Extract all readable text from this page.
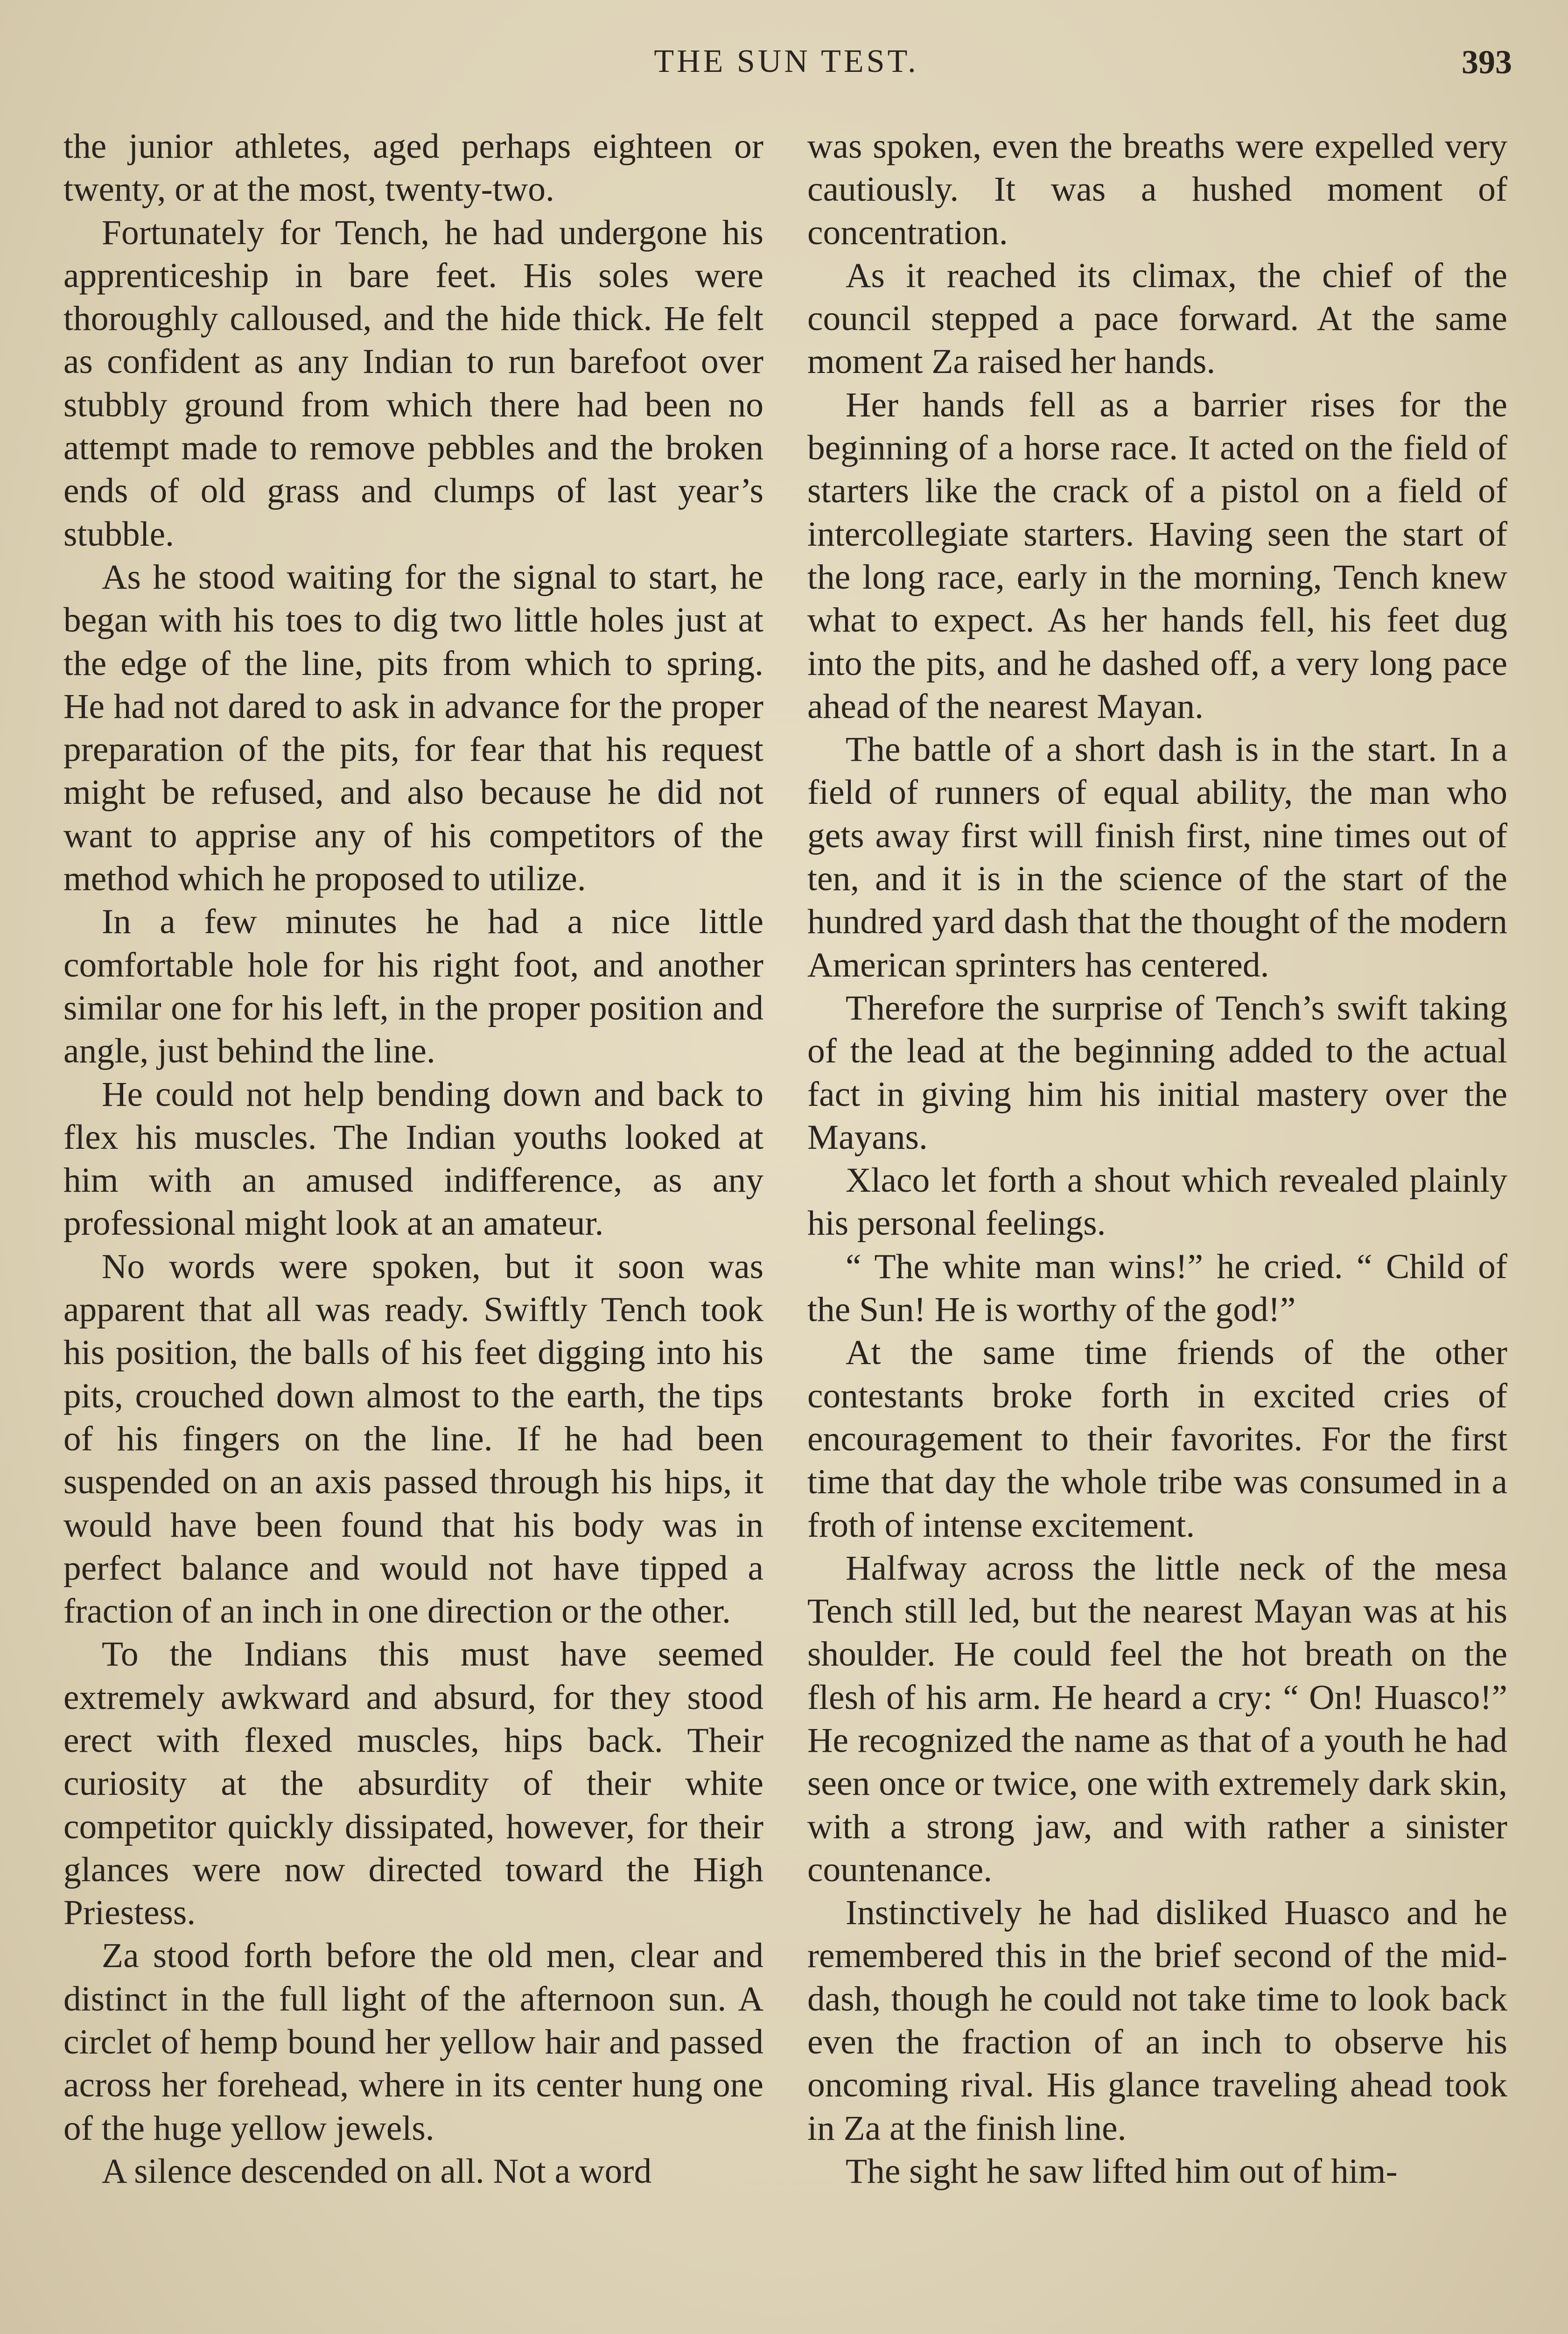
THE SUN TEST.	393

the junior athletes, aged perhaps eighteen or twenty, or at the most, twenty-two.

Fortunately for Tench, he had undergone his apprenticeship in bare feet. His soles were thoroughly calloused, and the hide thick. He felt as confident as any Indian to run barefoot over stubbly ground from which there had been no attempt made to remove pebbles and the broken ends of old grass and clumps of last year’s stubble.

As he stood waiting for the signal to start, he began with his toes to dig two little holes just at the edge of the line, pits from which to spring. He had not dared to ask in advance for the proper preparation of the pits, for fear that his request might be refused, and also because he did not want to apprise any of his competitors of the method which he proposed to utilize.

In a few minutes he had a nice little comfortable hole for his right foot, and another similar one for his left, in the proper position and angle, just behind the line.

He could not help bending down and back to flex his muscles. The Indian youths looked at him with an amused indifference, as any professional might look at an amateur.

No words were spoken, but it soon was apparent that all was ready. Swiftly Tench took his position, the balls of his feet digging into his pits, crouched down almost to the earth, the tips of his fingers on the line. If he had been suspended on an axis passed through his hips, it would have been found that his body was in perfect balance and would not have tipped a fraction of an inch in one direction or the other.

To the Indians this must have seemed extremely awkward and absurd, for they stood erect with flexed muscles, hips back. Their curiosity at the absurdity of their white competitor quickly dissipated, however, for their glances were now directed toward the High Priestess.

Za stood forth before the old men, clear and distinct in the full light of the afternoon sun. A circlet of hemp bound her yellow hair and passed across her forehead, where in its center hung one of the huge yellow jewels.

A silence descended on all. Not a word

was spoken, even the breaths were expelled very cautiously. It was a hushed moment of concentration.

As it reached its climax, the chief of the council stepped a pace forward. At the same moment Za raised her hands.

Her hands fell as a barrier rises for the beginning of a horse race. It acted on the field of starters like the crack of a pistol on a field of intercollegiate starters. Having seen the start of the long race, early in the morning, Tench knew what to expect. As her hands fell, his feet dug into the pits, and he dashed off, a very long pace ahead of the nearest Mayan.

The battle of a short dash is in the start. In a field of runners of equal ability, the man who gets away first will finish first, nine times out of ten, and it is in the science of the start of the hundred yard dash that the thought of the modern American sprinters has centered.

Therefore the surprise of Tench’s swift taking of the lead at the beginning added to the actual fact in giving him his initial mastery over the Mayans.

Xlaco let forth a shout which revealed plainly his personal feelings.

“ The white man wins!” he cried. “ Child of the Sun! He is worthy of the god!”

At the same time friends of the other contestants broke forth in excited cries of encouragement to their favorites. For the first time that day the whole tribe was consumed in a froth of intense excitement.

Halfway across the little neck of the mesa Tench still led, but the nearest Mayan was at his shoulder. He could feel the hot breath on the flesh of his arm. He heard a cry: “ On! Huasco!” He recognized the name as that of a youth he had seen once or twice, one with extremely dark skin, with a strong jaw, and with rather a sinister countenance.

Instinctively he had disliked Huasco and he remembered this in the brief second of the mid-dash, though he could not take time to look back even the fraction of an inch to observe his oncoming rival. His glance traveling ahead took in Za at the finish line.

The sight he saw lifted him out of him-
